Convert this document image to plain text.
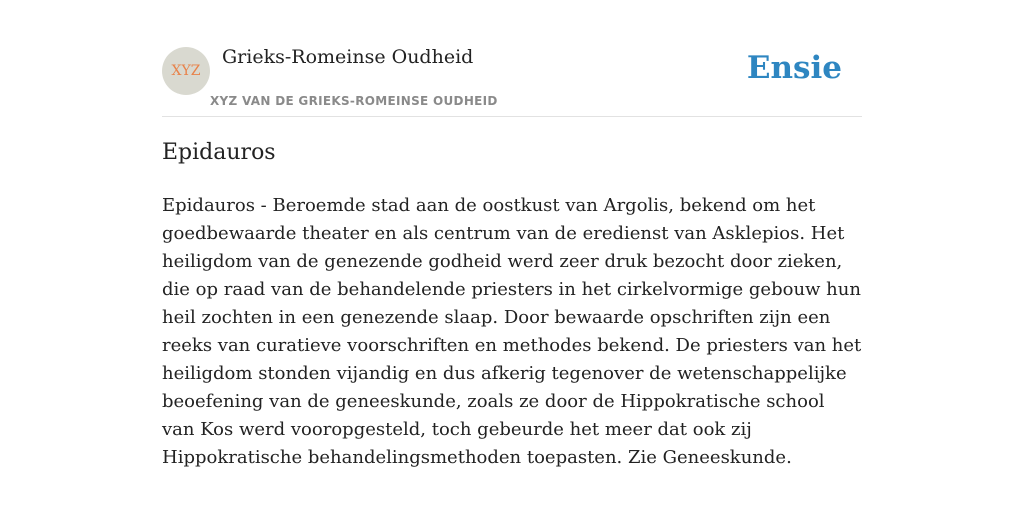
XYZ
Grieks-Romeinse Oudheid
XYZ VAN DE GRIEKS-ROMEINSE OUDHEID
Ensie
Epidauros

Epidauros - Beroemde stad aan de oostkust van Argolis, bekend om het goedbewaarde theater en als centrum van de eredienst van Asklepios. Het heiligdom van de genezende godheid werd zeer druk bezocht door zieken, die op raad van de behandelende priesters in het cirkelvormige gebouw hun heil zochten in een genezende slaap. Door bewaarde opschriften zijn een reeks van curatieve voorschriften en methodes bekend. De priesters van het heiligdom stonden vijandig en dus afkerig tegenover de wetenschappelijke beoefening van de geneeskunde, zoals ze door de Hippokratische school van Kos werd vooropgesteld, toch gebeurde het meer dat ook zij Hippokratische behandelingsmethoden toepasten. Zie Geneeskunde.
